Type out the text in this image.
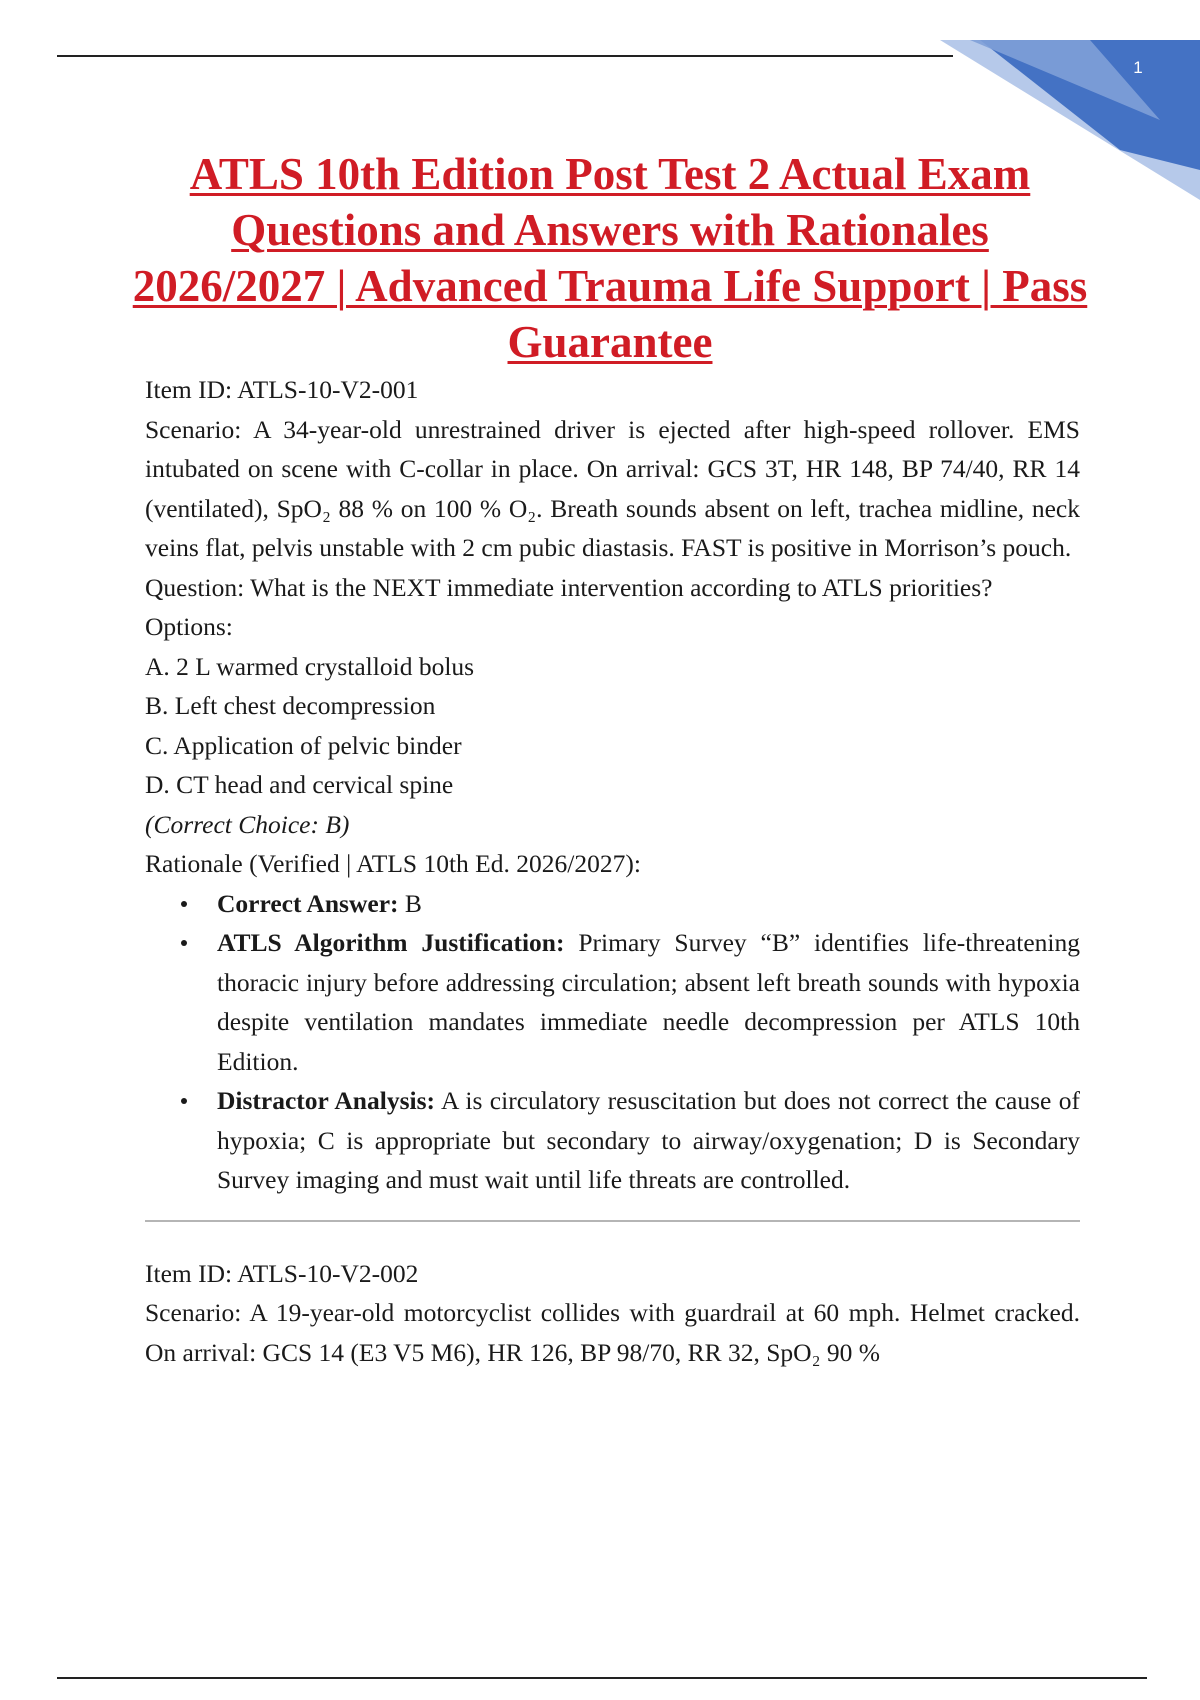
1
ATLS 10th Edition Post Test 2 Actual Exam Questions and Answers with Rationales 2026/2027 | Advanced Trauma Life Support | Pass Guarantee

Item ID: ATLS-10-V2-001

Scenario: A 34-year-old unrestrained driver is ejected after high-speed rollover. EMS intubated on scene with C-collar in place. On arrival: GCS 3T, HR 148, BP 74/40, RR 14 (ventilated), SpO₂ 88 % on 100 % O₂. Breath sounds absent on left, trachea midline, neck veins flat, pelvis unstable with 2 cm pubic diastasis. FAST is positive in Morrison’s pouch.

Question: What is the NEXT immediate intervention according to ATLS priorities?

Options:

A. 2 L warmed crystalloid bolus

B. Left chest decompression

C. Application of pelvic binder

D. CT head and cervical spine

(Correct Choice: B)

Rationale (Verified | ATLS 10th Ed. 2026/2027):

Correct Answer: B
ATLS Algorithm Justification: Primary Survey “B” identifies life-threatening thoracic injury before addressing circulation; absent left breath sounds with hypoxia despite ventilation mandates immediate needle decompression per ATLS 10th Edition.
Distractor Analysis: A is circulatory resuscitation but does not correct the cause of hypoxia; C is appropriate but secondary to airway/oxygenation; D is Secondary Survey imaging and must wait until life threats are controlled.

Item ID: ATLS-10-V2-002

Scenario: A 19-year-old motorcyclist collides with guardrail at 60 mph. Helmet cracked. On arrival: GCS 14 (E3 V5 M6), HR 126, BP 98/70, RR 32, SpO₂ 90 %
